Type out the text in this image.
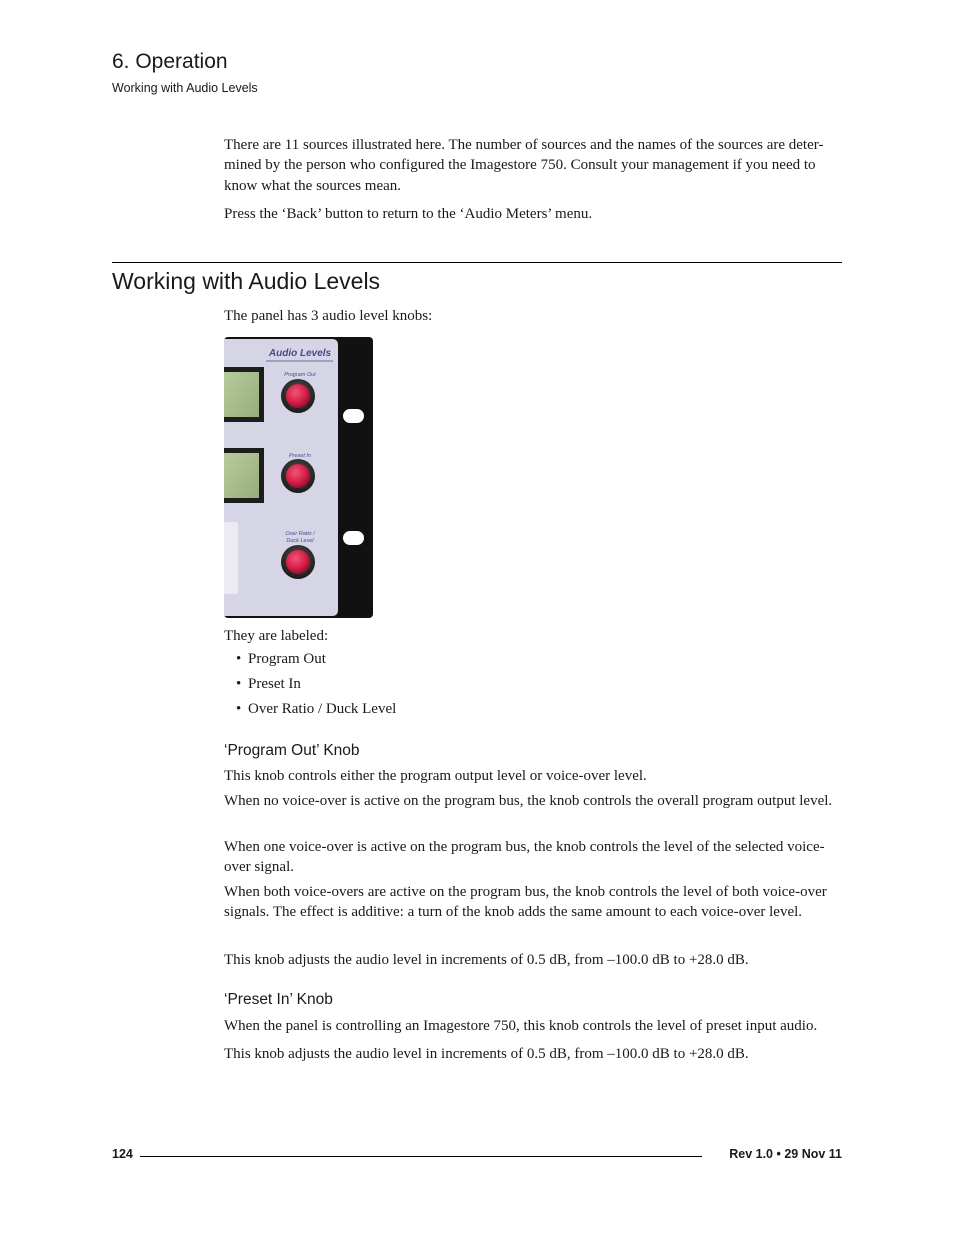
6. Operation
Working with Audio Levels

There are 11 sources illustrated here. The number of sources and the names of the sources are deter-mined by the person who configured the Imagestore 750. Consult your management if you need to know what the sources mean.

Press the ‘Back’ button to return to the ‘Audio Meters’ menu.

Working with Audio Levels

The panel has 3 audio level knobs:

Audio Levels
Program Out
Preset In
Over Ratio /
Duck Level

They are labeled:

• Program Out
• Preset In
• Over Ratio / Duck Level
‘Program Out’ Knob

This knob controls either the program output level or voice-over level.

When no voice-over is active on the program bus, the knob controls the overall program output level.

When one voice-over is active on the program bus, the knob controls the level of the selected voice-over signal.

When both voice-overs are active on the program bus, the knob controls the level of both voice-over signals. The effect is additive: a turn of the knob adds the same amount to each voice-over level.

This knob adjusts the audio level in increments of 0.5 dB, from –100.0 dB to +28.0 dB.

‘Preset In’ Knob

When the panel is controlling an Imagestore 750, this knob controls the level of preset input audio.

This knob adjusts the audio level in increments of 0.5 dB, from –100.0 dB to +28.0 dB.

124	Rev 1.0 • 29 Nov 11
